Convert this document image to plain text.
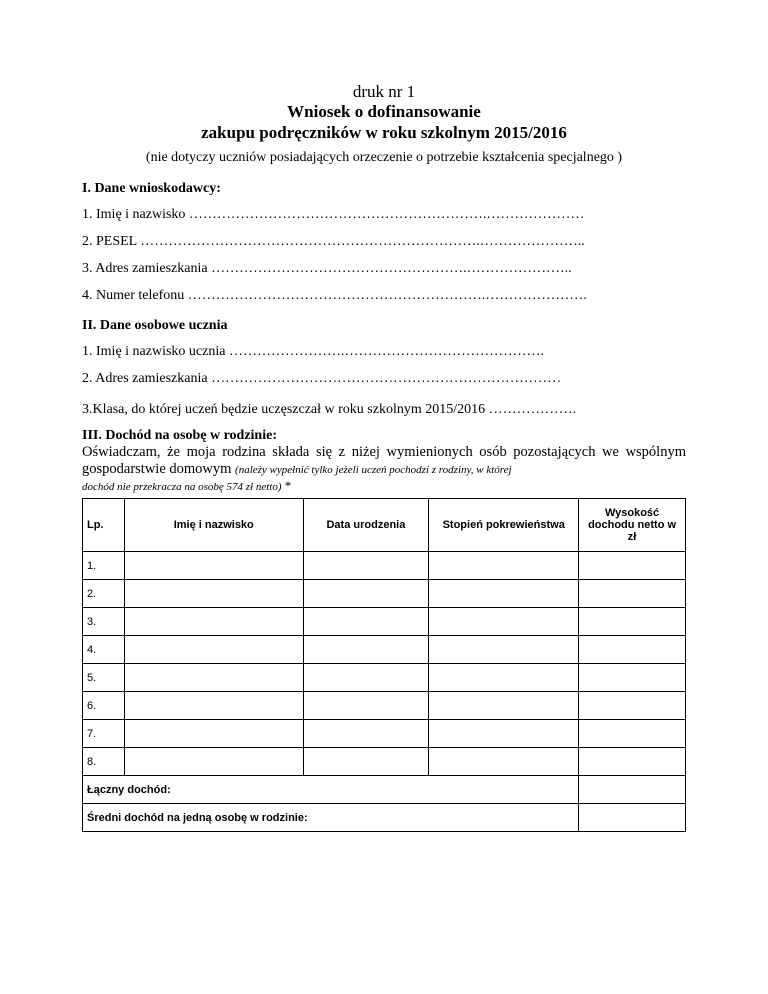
druk nr 1
Wniosek o dofinansowanie
zakupu podręczników w roku szkolnym 2015/2016
(nie dotyczy uczniów posiadających orzeczenie o potrzebie kształcenia specjalnego )
I. Dane wnioskodawcy:
1. Imię i nazwisko ……………………………………………………….…………………
2. PESEL ……………………………………………………………….…………………..
3. Adres zamieszkania ……………………………………………….…………………..
4. Numer telefonu ……………………………………………………….………………….
II. Dane osobowe ucznia
1. Imię i nazwisko ucznia …………………….…………………………………….
2. Adres zamieszkania …………………………………………………………………
3.Klasa, do której uczeń będzie uczęszczał w roku szkolnym 2015/2016 ……………….
III. Dochód na osobę w rodzinie:
Oświadczam, że moja rodzina składa się z niżej wymienionych osób pozostających we wspólnym gospodarstwie domowym (należy wypełnić tylko jeżeli uczeń pochodzi z rodziny, w której
dochód nie przekracza na osobę 574 zł netto) *
Lp.	Imię i nazwisko	Data urodzenia	Stopień pokrewieństwa	Wysokość dochodu netto w zł
1.				
2.				
3.				
4.				
5.				
6.				
7.				
8.				
Łączny dochód:				
Średni dochód na jedną osobę w rodzinie:				
